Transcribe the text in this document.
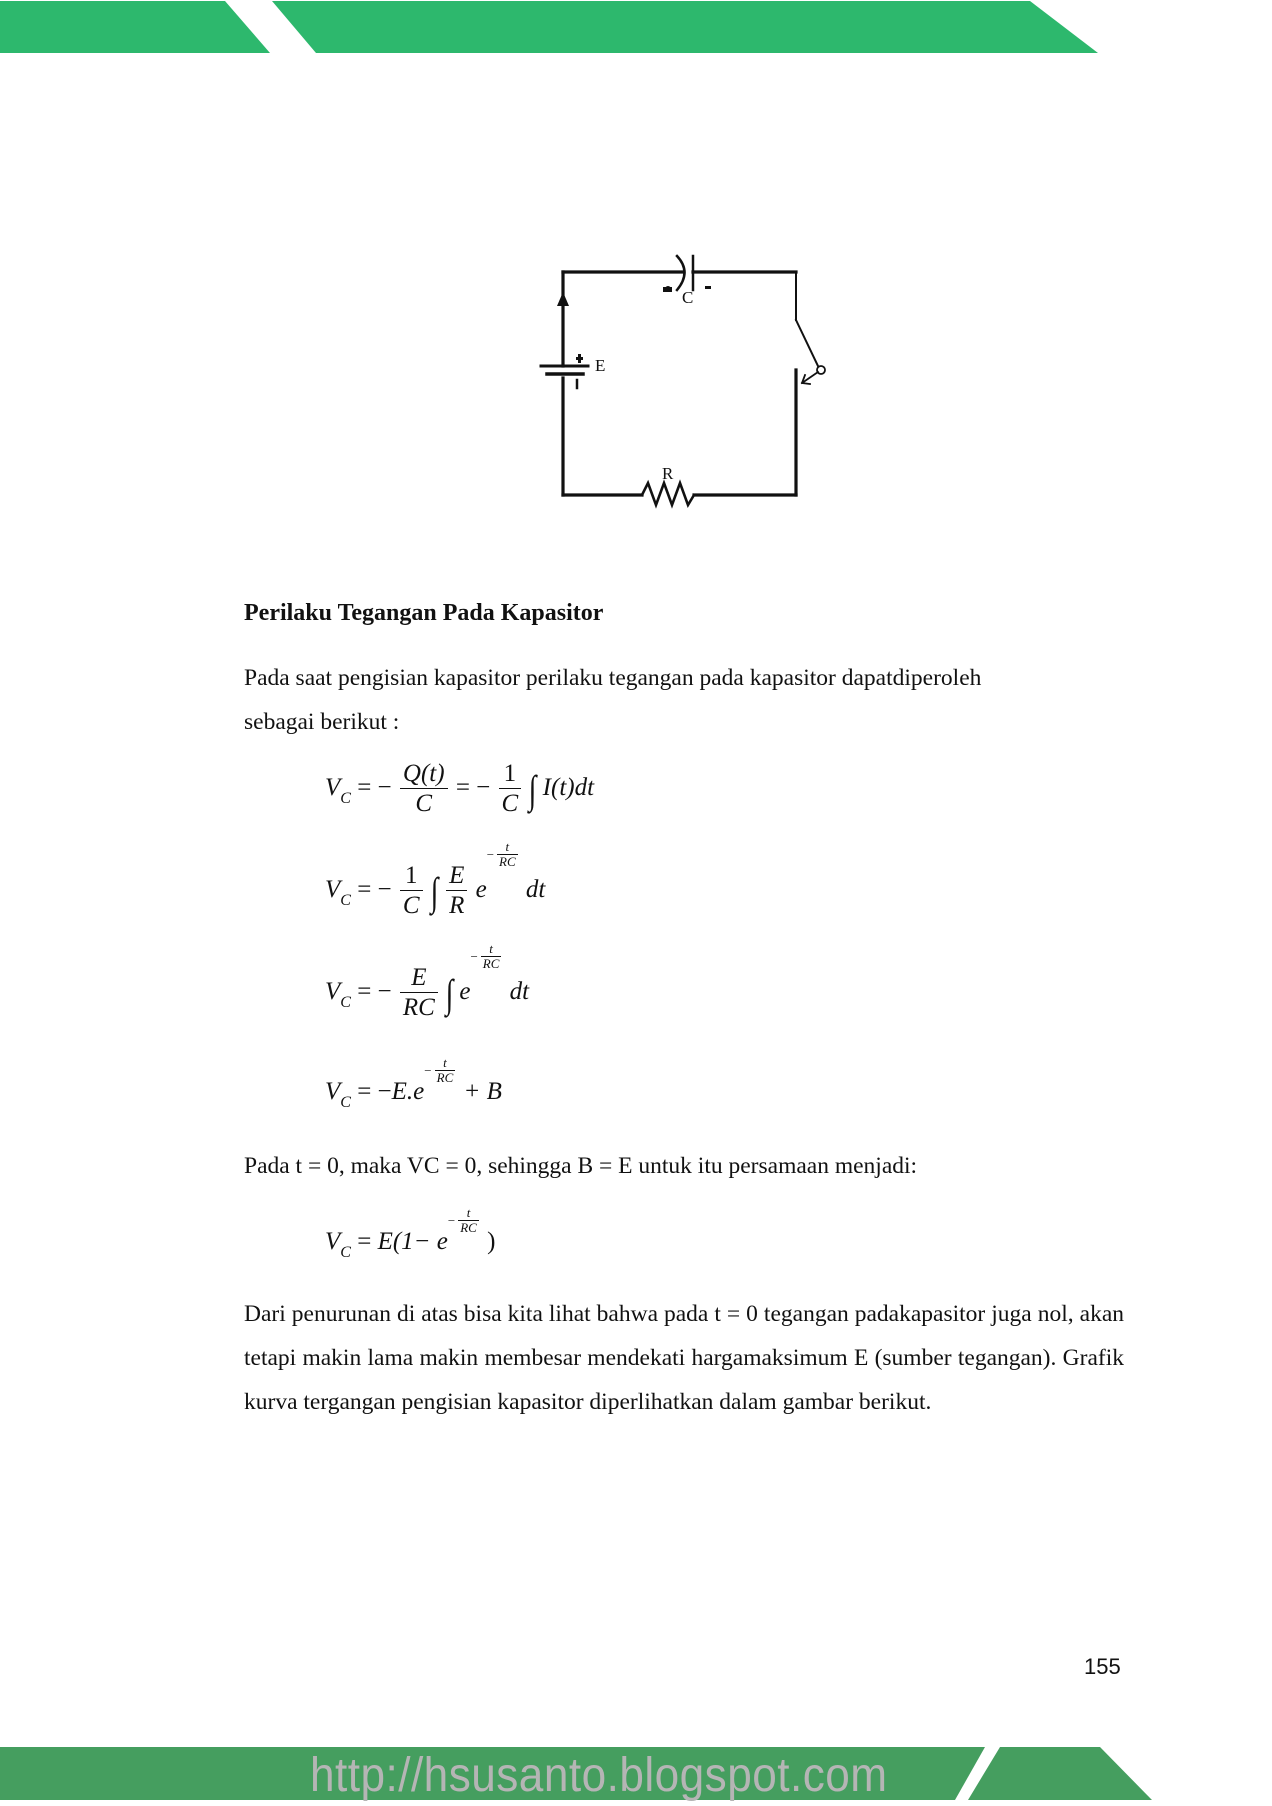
C
E
R
Perilaku Tegangan Pada Kapasitor
Pada saat pengisian kapasitor perilaku tegangan pada kapasitor dapatdiperoleh
sebagai berikut :
$V_C$ = − $\frac{Q(t)}{C}$ = − $\frac{1}{C}$ ∫ I(t)dt
$V_C$ = − $\frac{1}{C}$ ∫ $\frac{E}{R} e- \frac{t}{RC}$
dt
$V_C$ = − $\frac{E}{RC}$ ∫ $e- \frac{t}{RC}$
dt
$V_C = -E.e- \frac{t}{RC}$
+ B
Pada t = 0, maka VC = 0, sehingga B = E untuk itu persamaan menjadi:
$V_C = E(1- e- \frac{t}{RC}$
)
Dari penurunan di atas bisa kita lihat bahwa pada t = 0 tegangan padakapasitor juga nol, akan tetapi makin lama makin membesar mendekati hargamaksimum E (sumber tegangan). Grafik kurva tergangan pengisian kapasitor diperlihatkan dalam gambar berikut.
155
http://hsusanto.blogspot.com
